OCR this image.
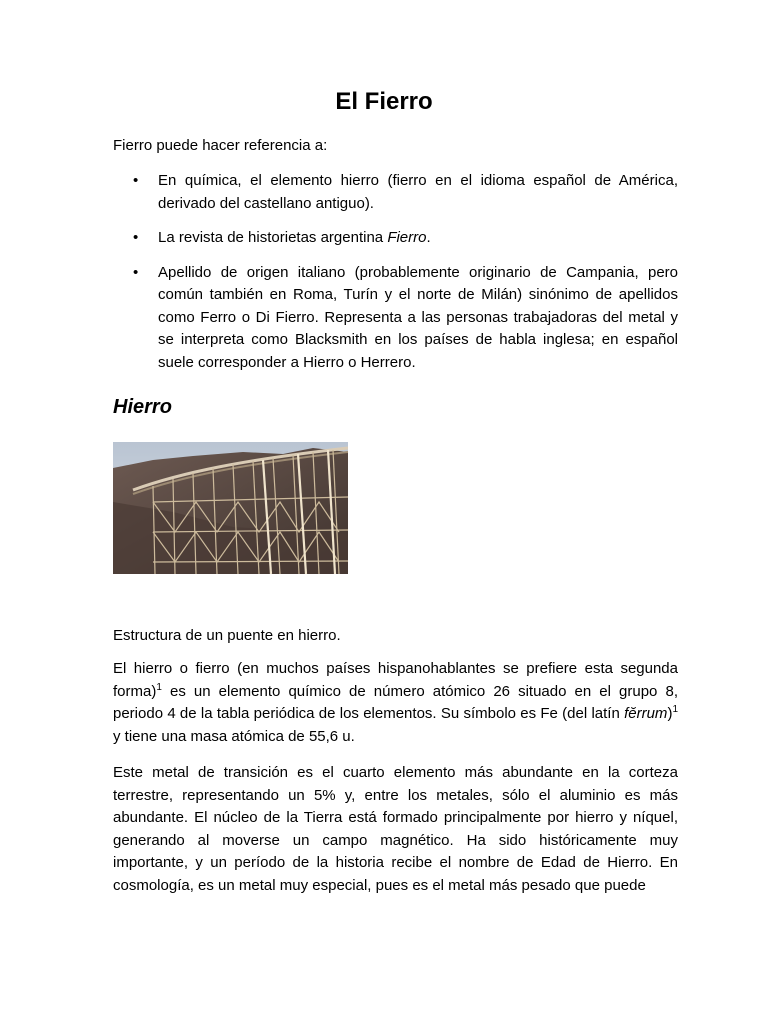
El Fierro

Fierro puede hacer referencia a:

• En química, el elemento hierro (fierro en el idioma español de América, derivado del castellano antiguo).
• La revista de historietas argentina Fierro.
• Apellido de origen italiano (probablemente originario de Campania, pero común también en Roma, Turín y el norte de Milán) sinónimo de apellidos como Ferro o Di Fierro. Representa a las personas trabajadoras del metal y se interpreta como Blacksmith en los países de habla inglesa; en español suele corresponder a Hierro o Herrero.
Hierro

Estructura de un puente en hierro.

El hierro o fierro (en muchos países hispanohablantes se prefiere esta segunda forma)$^1$ es un elemento químico de número atómico 26 situado en el grupo 8, periodo 4 de la tabla periódica de los elementos. Su símbolo es Fe (del latín fĕrrum)$^1$ y tiene una masa atómica de 55,6 u.

Este metal de transición es el cuarto elemento más abundante en la corteza terrestre, representando un 5% y, entre los metales, sólo el aluminio es más abundante. El núcleo de la Tierra está formado principalmente por hierro y níquel, generando al moverse un campo magnético. Ha sido históricamente muy importante, y un período de la historia recibe el nombre de Edad de Hierro. En cosmología, es un metal muy especial, pues es el metal más pesado que puede
